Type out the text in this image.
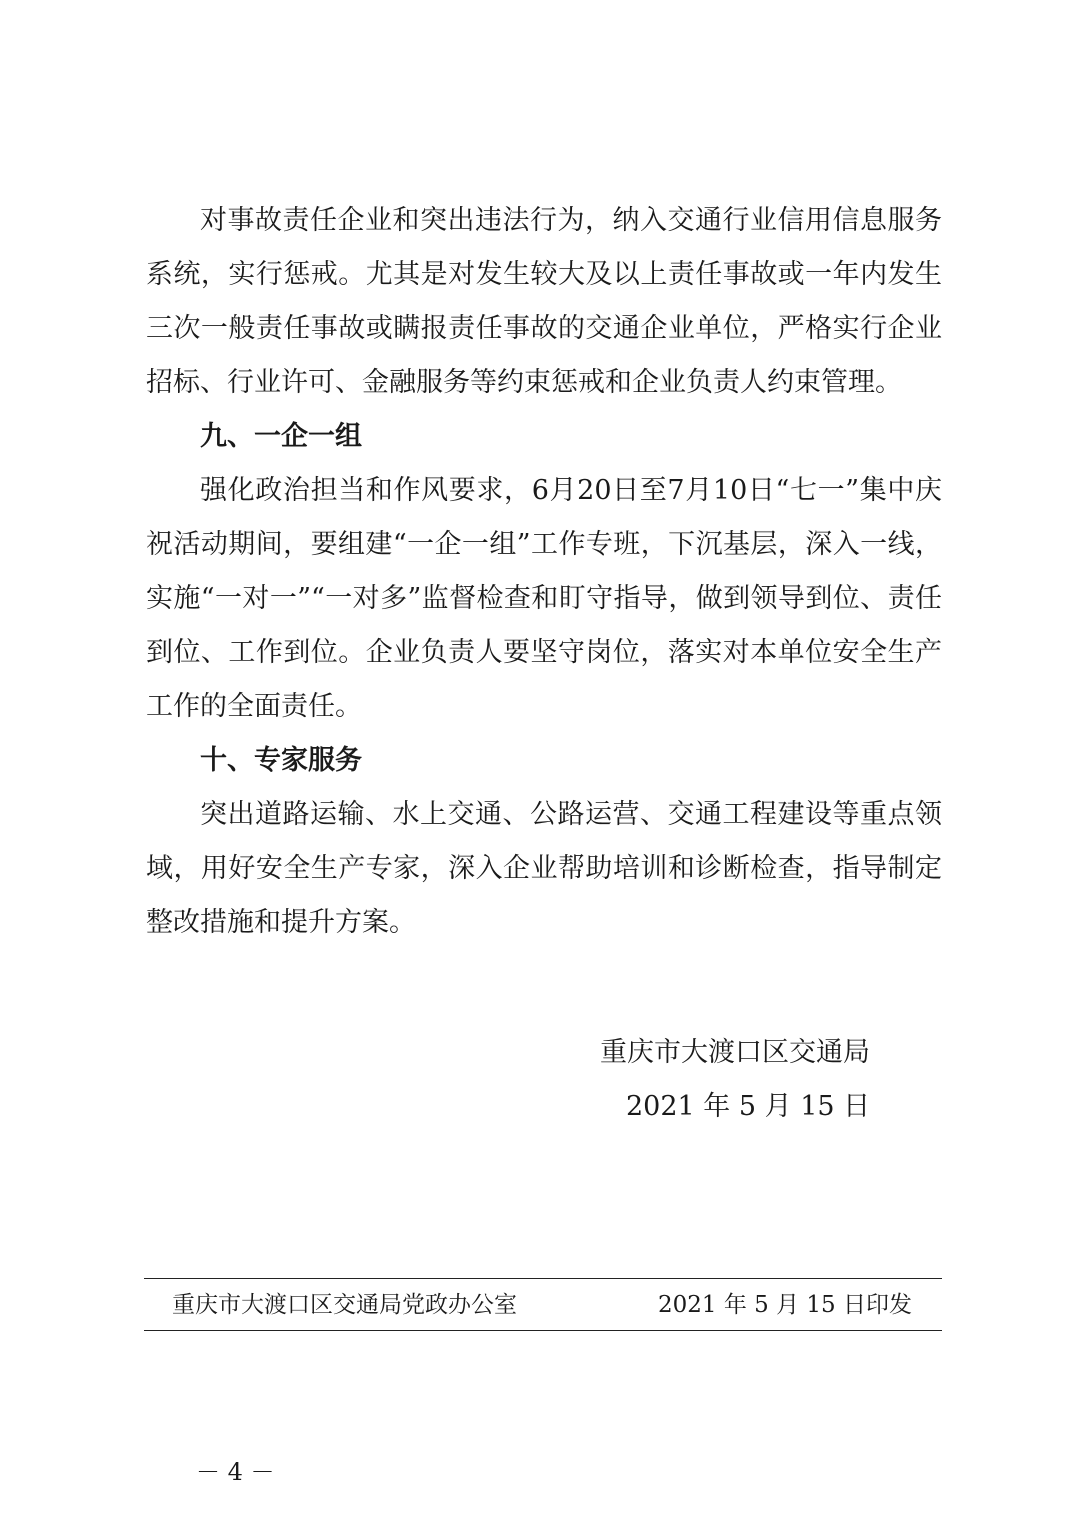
对事故责任企业和突出违法行为，纳入交通行业信用信息服务系统，实行惩戒。尤其是对发生较大及以上责任事故或一年内发生三次一般责任事故或瞒报责任事故的交通企业单位，严格实行企业招标、行业许可、金融服务等约束惩戒和企业负责人约束管理。

九、一企一组

强化政治担当和作风要求，6月20日至7月10日“七一”集中庆祝活动期间，要组建“一企一组”工作专班，下沉基层，深入一线，实施“一对一”“一对多”监督检查和盯守指导，做到领导到位、责任到位、工作到位。企业负责人要坚守岗位，落实对本单位安全生产工作的全面责任。

十、专家服务

突出道路运输、水上交通、公路运营、交通工程建设等重点领域，用好安全生产专家，深入企业帮助培训和诊断检查，指导制定整改措施和提升方案。

重庆市大渡口区交通局
2021 年 5 月 15 日
重庆市大渡口区交通局党政办公室	2021 年 5 月 15 日印发
－ 4 －
